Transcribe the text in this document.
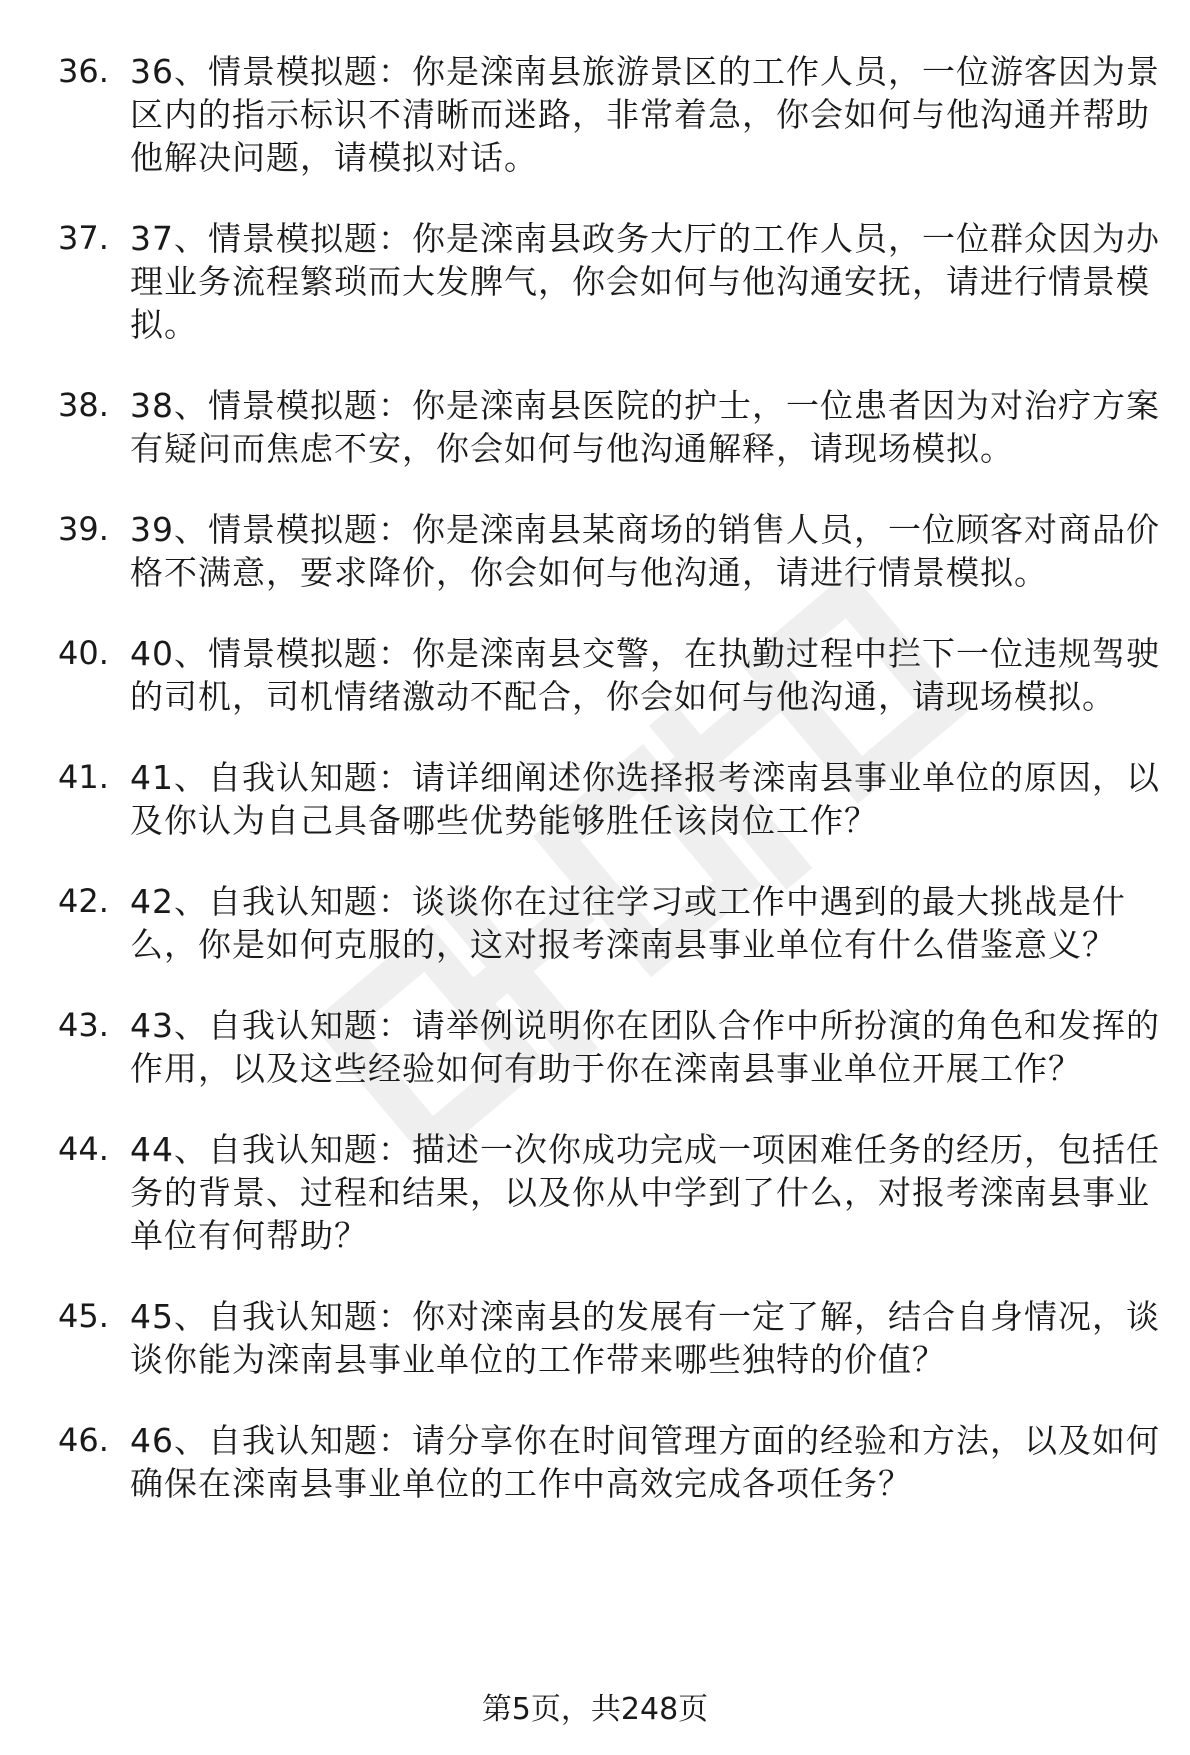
36. 36、情景模拟题：你是滦南县旅游景区的工作人员，一位游客因为景区内的指示标识不清晰而迷路，非常着急，你会如何与他沟通并帮助他解决问题，请模拟对话。
37. 37、情景模拟题：你是滦南县政务大厅的工作人员，一位群众因为办理业务流程繁琐而大发脾气，你会如何与他沟通安抚，请进行情景模拟。
38. 38、情景模拟题：你是滦南县医院的护士，一位患者因为对治疗方案有疑问而焦虑不安，你会如何与他沟通解释，请现场模拟。
39. 39、情景模拟题：你是滦南县某商场的销售人员，一位顾客对商品价格不满意，要求降价，你会如何与他沟通，请进行情景模拟。
40. 40、情景模拟题：你是滦南县交警，在执勤过程中拦下一位违规驾驶的司机，司机情绪激动不配合，你会如何与他沟通，请现场模拟。
41. 41、自我认知题：请详细阐述你选择报考滦南县事业单位的原因，以及你认为自己具备哪些优势能够胜任该岗位工作？
42. 42、自我认知题：谈谈你在过往学习或工作中遇到的最大挑战是什么，你是如何克服的，这对报考滦南县事业单位有什么借鉴意义？
43. 43、自我认知题：请举例说明你在团队合作中所扮演的角色和发挥的作用，以及这些经验如何有助于你在滦南县事业单位开展工作？
44. 44、自我认知题：描述一次你成功完成一项困难任务的经历，包括任务的背景、过程和结果，以及你从中学到了什么，对报考滦南县事业单位有何帮助？
45. 45、自我认知题：你对滦南县的发展有一定了解，结合自身情况，谈谈你能为滦南县事业单位的工作带来哪些独特的价值？
46. 46、自我认知题：请分享你在时间管理方面的经验和方法，以及如何确保在滦南县事业单位的工作中高效完成各项任务？
第5页，共248页
